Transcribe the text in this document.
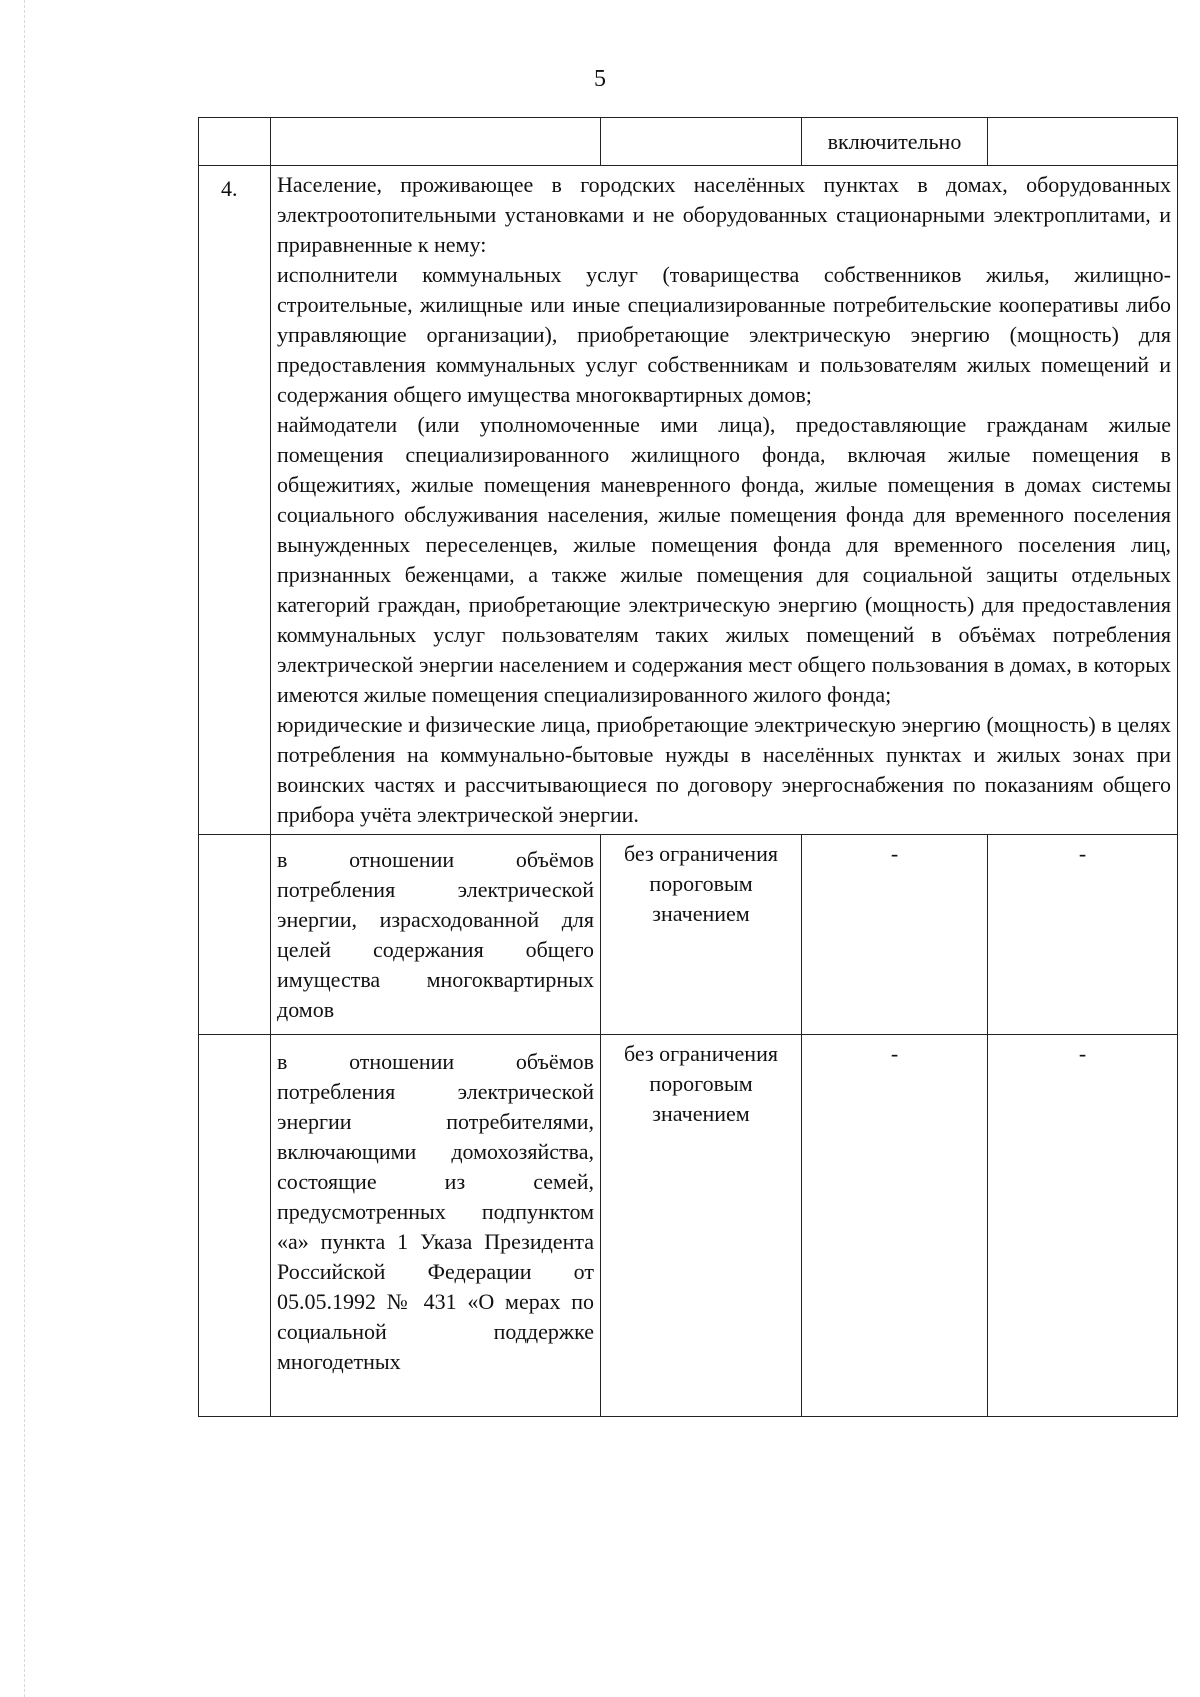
5
			включительно	
4.	Население, проживающее в городских населённых пунктах в домах, оборудованных электроотопительными установками и не оборудованных стационарными электроплитами, и приравненные к нему:

исполнители коммунальных услуг (товарищества собственников жилья, жилищно-строительные, жилищные или иные специализированные потребительские кооперативы либо управляющие организации), приобретающие электрическую энергию (мощность) для предоставления коммунальных услуг собственникам и пользователям жилых помещений и содержания общего имущества многоквартирных домов;

наймодатели (или уполномоченные ими лица), предоставляющие гражданам жилые помещения специализированного жилищного фонда, включая жилые помещения в общежитиях, жилые помещения маневренного фонда, жилые помещения в домах системы социального обслуживания населения, жилые помещения фонда для временного поселения вынужденных переселенцев, жилые помещения фонда для временного поселения лиц, признанных беженцами, а также жилые помещения для социальной защиты отдельных категорий граждан, приобретающие электрическую энергию (мощность) для предоставления коммунальных услуг пользователям таких жилых помещений в объёмах потребления электрической энергии населением и содержания мест общего пользования в домах, в которых имеются жилые помещения специализированного жилого фонда;

юридические и физические лица, приобретающие электрическую энергию (мощность) в целях потребления на коммунально-бытовые нужды в населённых пунктах и жилых зонах при воинских частях и рассчитывающиеся по договору энергоснабжения по показаниям общего прибора учёта электрической энергии.			

	в отношении объёмов потребления электрической энергии, израсходованной для целей содержания общего имущества многоквартирных домов	без ограничения пороговым значением	-	-

	в отношении объёмов потребления электрической энергии потребителями, включающими домохозяйства, состоящие из семей, предусмотренных подпунктом «а» пункта 1 Указа Президента Российской Федерации от 05.05.1992 № 431 «О мерах по социальной поддержке многодетных	без ограничения пороговым значением	-	-
